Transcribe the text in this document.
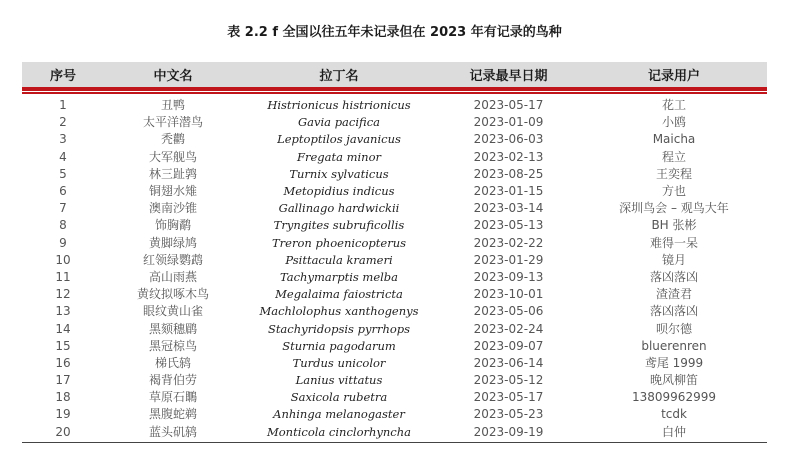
表 2.2 f 全国以往五年未记录但在 2023 年有记录的鸟种
序号	中文名	拉丁名	记录最早日期	记录用户
1	丑鸭	Histrionicus histrionicus	2023-05-17	花工
2	太平洋潜鸟	Gavia pacifica	2023-01-09	小鸥
3	秃鹳	Leptoptilos javanicus	2023-06-03	Maicha
4	大军舰鸟	Fregata minor	2023-02-13	程立
5	林三趾鹑	Turnix sylvaticus	2023-08-25	王奕程
6	铜翅水雉	Metopidius indicus	2023-01-15	方也
7	澳南沙锥	Gallinago hardwickii	2023-03-14	深圳鸟会 – 观鸟大年
8	饰胸鹬	Tryngites subruficollis	2023-05-13	BH 张彬
9	黄脚绿鸠	Treron phoenicopterus	2023-02-22	难得一呆
10	红领绿鹦鹉	Psittacula krameri	2023-01-29	镜月
11	高山雨燕	Tachymarptis melba	2023-09-13	落凶落凶
12	黄纹拟啄木鸟	Megalaima faiostricta	2023-10-01	渣渣君
13	眼纹黄山雀	Machlolophus xanthogenys	2023-05-06	落凶落凶
14	黑颏穗鹛	Stachyridopsis pyrrhops	2023-02-24	呗尔德
15	黑冠椋鸟	Sturnia pagodarum	2023-09-07	bluerenren
16	梯氏鸫	Turdus unicolor	2023-06-14	鸢尾 1999
17	褐背伯劳	Lanius vittatus	2023-05-12	晚风柳笛
18	草原石䳭	Saxicola rubetra	2023-05-17	13809962999
19	黑腹蛇鹈	Anhinga melanogaster	2023-05-23	tcdk
20	蓝头矶鸫	Monticola cinclorhyncha	2023-09-19	白仲
